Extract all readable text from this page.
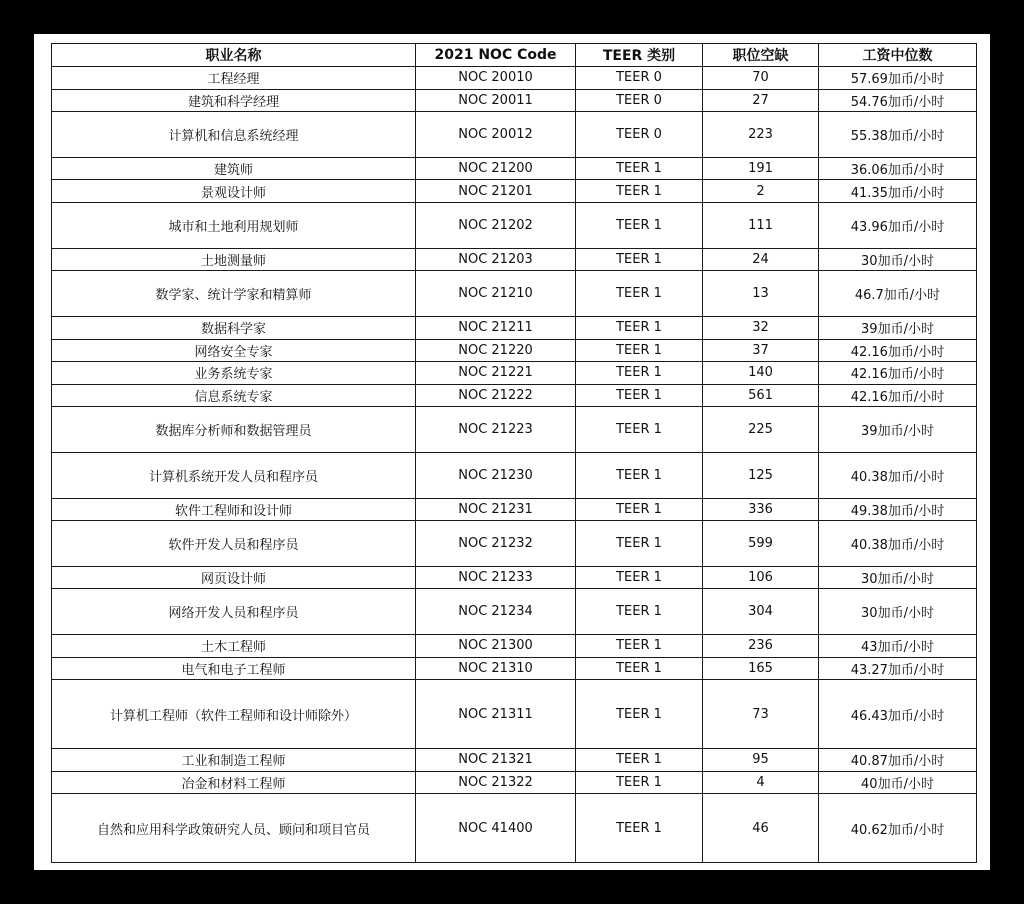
职业名称	2021 NOC Code	TEER 类别	职位空缺	工资中位数
工程经理	NOC 20010	TEER 0	70	57.69加币/小时
建筑和科学经理	NOC 20011	TEER 0	27	54.76加币/小时
计算机和信息系统经理	NOC 20012	TEER 0	223	55.38加币/小时
建筑师	NOC 21200	TEER 1	191	36.06加币/小时
景观设计师	NOC 21201	TEER 1	2	41.35加币/小时
城市和土地利用规划师	NOC 21202	TEER 1	111	43.96加币/小时
土地测量师	NOC 21203	TEER 1	24	30加币/小时
数学家、统计学家和精算师	NOC 21210	TEER 1	13	46.7加币/小时
数据科学家	NOC 21211	TEER 1	32	39加币/小时
网络安全专家	NOC 21220	TEER 1	37	42.16加币/小时
业务系统专家	NOC 21221	TEER 1	140	42.16加币/小时
信息系统专家	NOC 21222	TEER 1	561	42.16加币/小时
数据库分析师和数据管理员	NOC 21223	TEER 1	225	39加币/小时
计算机系统开发人员和程序员	NOC 21230	TEER 1	125	40.38加币/小时
软件工程师和设计师	NOC 21231	TEER 1	336	49.38加币/小时
软件开发人员和程序员	NOC 21232	TEER 1	599	40.38加币/小时
网页设计师	NOC 21233	TEER 1	106	30加币/小时
网络开发人员和程序员	NOC 21234	TEER 1	304	30加币/小时
土木工程师	NOC 21300	TEER 1	236	43加币/小时
电气和电子工程师	NOC 21310	TEER 1	165	43.27加币/小时
计算机工程师（软件工程师和设计师除外）	NOC 21311	TEER 1	73	46.43加币/小时
工业和制造工程师	NOC 21321	TEER 1	95	40.87加币/小时
冶金和材料工程师	NOC 21322	TEER 1	4	40加币/小时
自然和应用科学政策研究人员、顾问和项目官员	NOC 41400	TEER 1	46	40.62加币/小时
